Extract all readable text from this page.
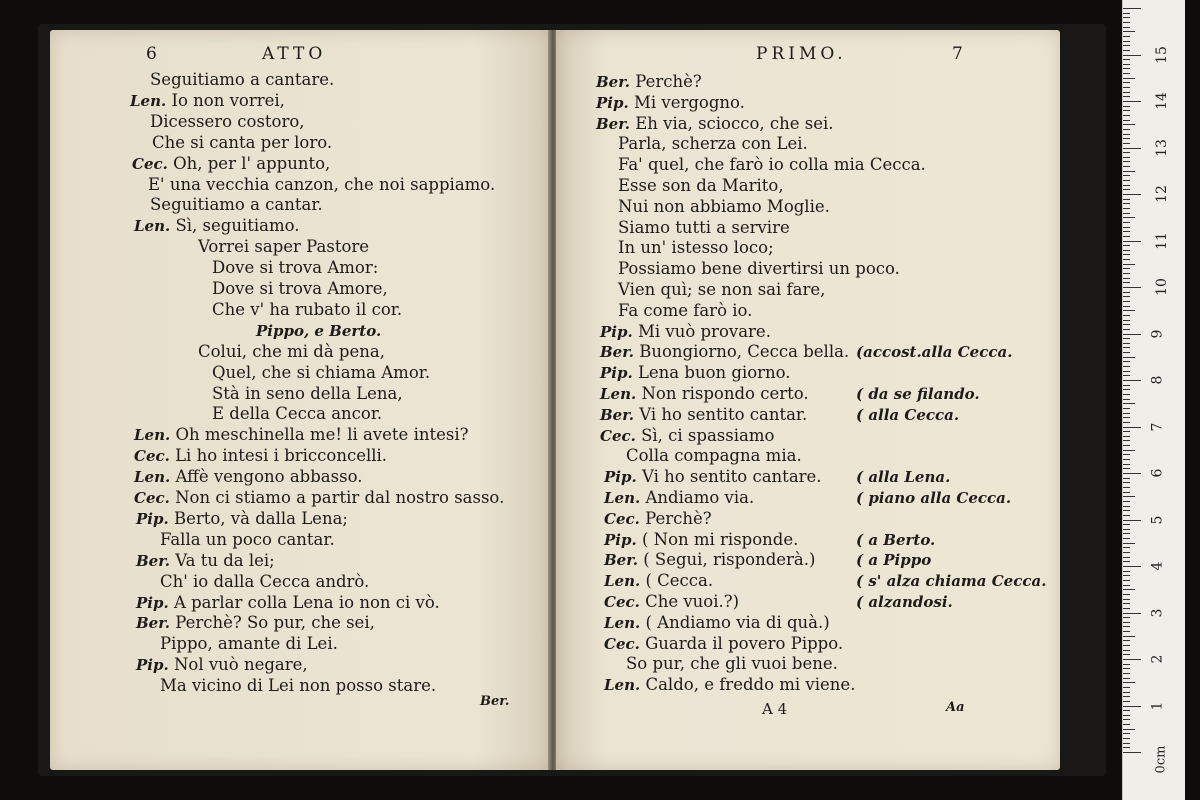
6	ATTO
Seguitiamo a cantare.
Len. Io non vorrei,
Dicessero costoro,
Che si canta per loro.
Cec. Oh, per l' appunto,
E' una vecchia canzon, che noi sappiamo.
Seguitiamo a cantar.
Len. Sì, seguitiamo.
Vorrei saper Pastore
Dove si trova Amor:
Dove si trova Amore,
Che v' ha rubato il cor.
Pippo, e Berto.
Colui, che mi dà pena,
Quel, che si chiama Amor.
Stà in seno della Lena,
E della Cecca ancor.
Len. Oh meschinella me! li avete intesi?
Cec. Li ho intesi i bricconcelli.
Len. Affè vengono abbasso.
Cec. Non ci stiamo a partir dal nostro sasso.
Pip. Berto, và dalla Lena;
Falla un poco cantar.
Ber. Va tu da lei;
Ch' io dalla Cecca andrò.
Pip. A parlar colla Lena io non ci vò.
Ber. Perchè? So pur, che sei,
Pippo, amante di Lei.
Pip. Nol vuò negare,
Ma vicino di Lei non posso stare.
Ber.
PRIMO.	7
Ber. Perchè?
Pip. Mi vergogno.
Ber. Eh via, sciocco, che sei.
Parla, scherza con Lei.
Fa' quel, che farò io colla mia Cecca.
Esse son da Marito,
Nui non abbiamo Moglie.
Siamo tutti a servire
In un' istesso loco;
Possiamo bene divertirsi un poco.
Vien quì; se non sai fare,
Fa come farò io.
Pip. Mi vuò provare.
Ber. Buongiorno, Cecca bella. (accost.alla Cecca.
Pip. Lena buon giorno.
Len. Non rispondo certo.	( da se filando.
Ber. Vi ho sentito cantar.	( alla Cecca.
Cec. Sì, ci spassiamo
Colla compagna mia.
Pip. Vi ho sentito cantare. ( alla Lena.
Len. Andiamo via.	( piano alla Cecca.
Cec. Perchè?
Pip. ( Non mi risponde.	( a Berto.
Ber. ( Segui, risponderà.)	( a Pippo
Len. ( Cecca.	( s' alza chiama Cecca.
Cec. Che vuoi.?)	( alzandosi.
Len. ( Andiamo via di quà.)
Cec. Guarda il povero Pippo.
So pur, che gli vuoi bene.
Len. Caldo, e freddo mi viene.
A 4	Aa	1
2
3
4
5
6
7
8
9
10
11
12
13
14
15
0cm
